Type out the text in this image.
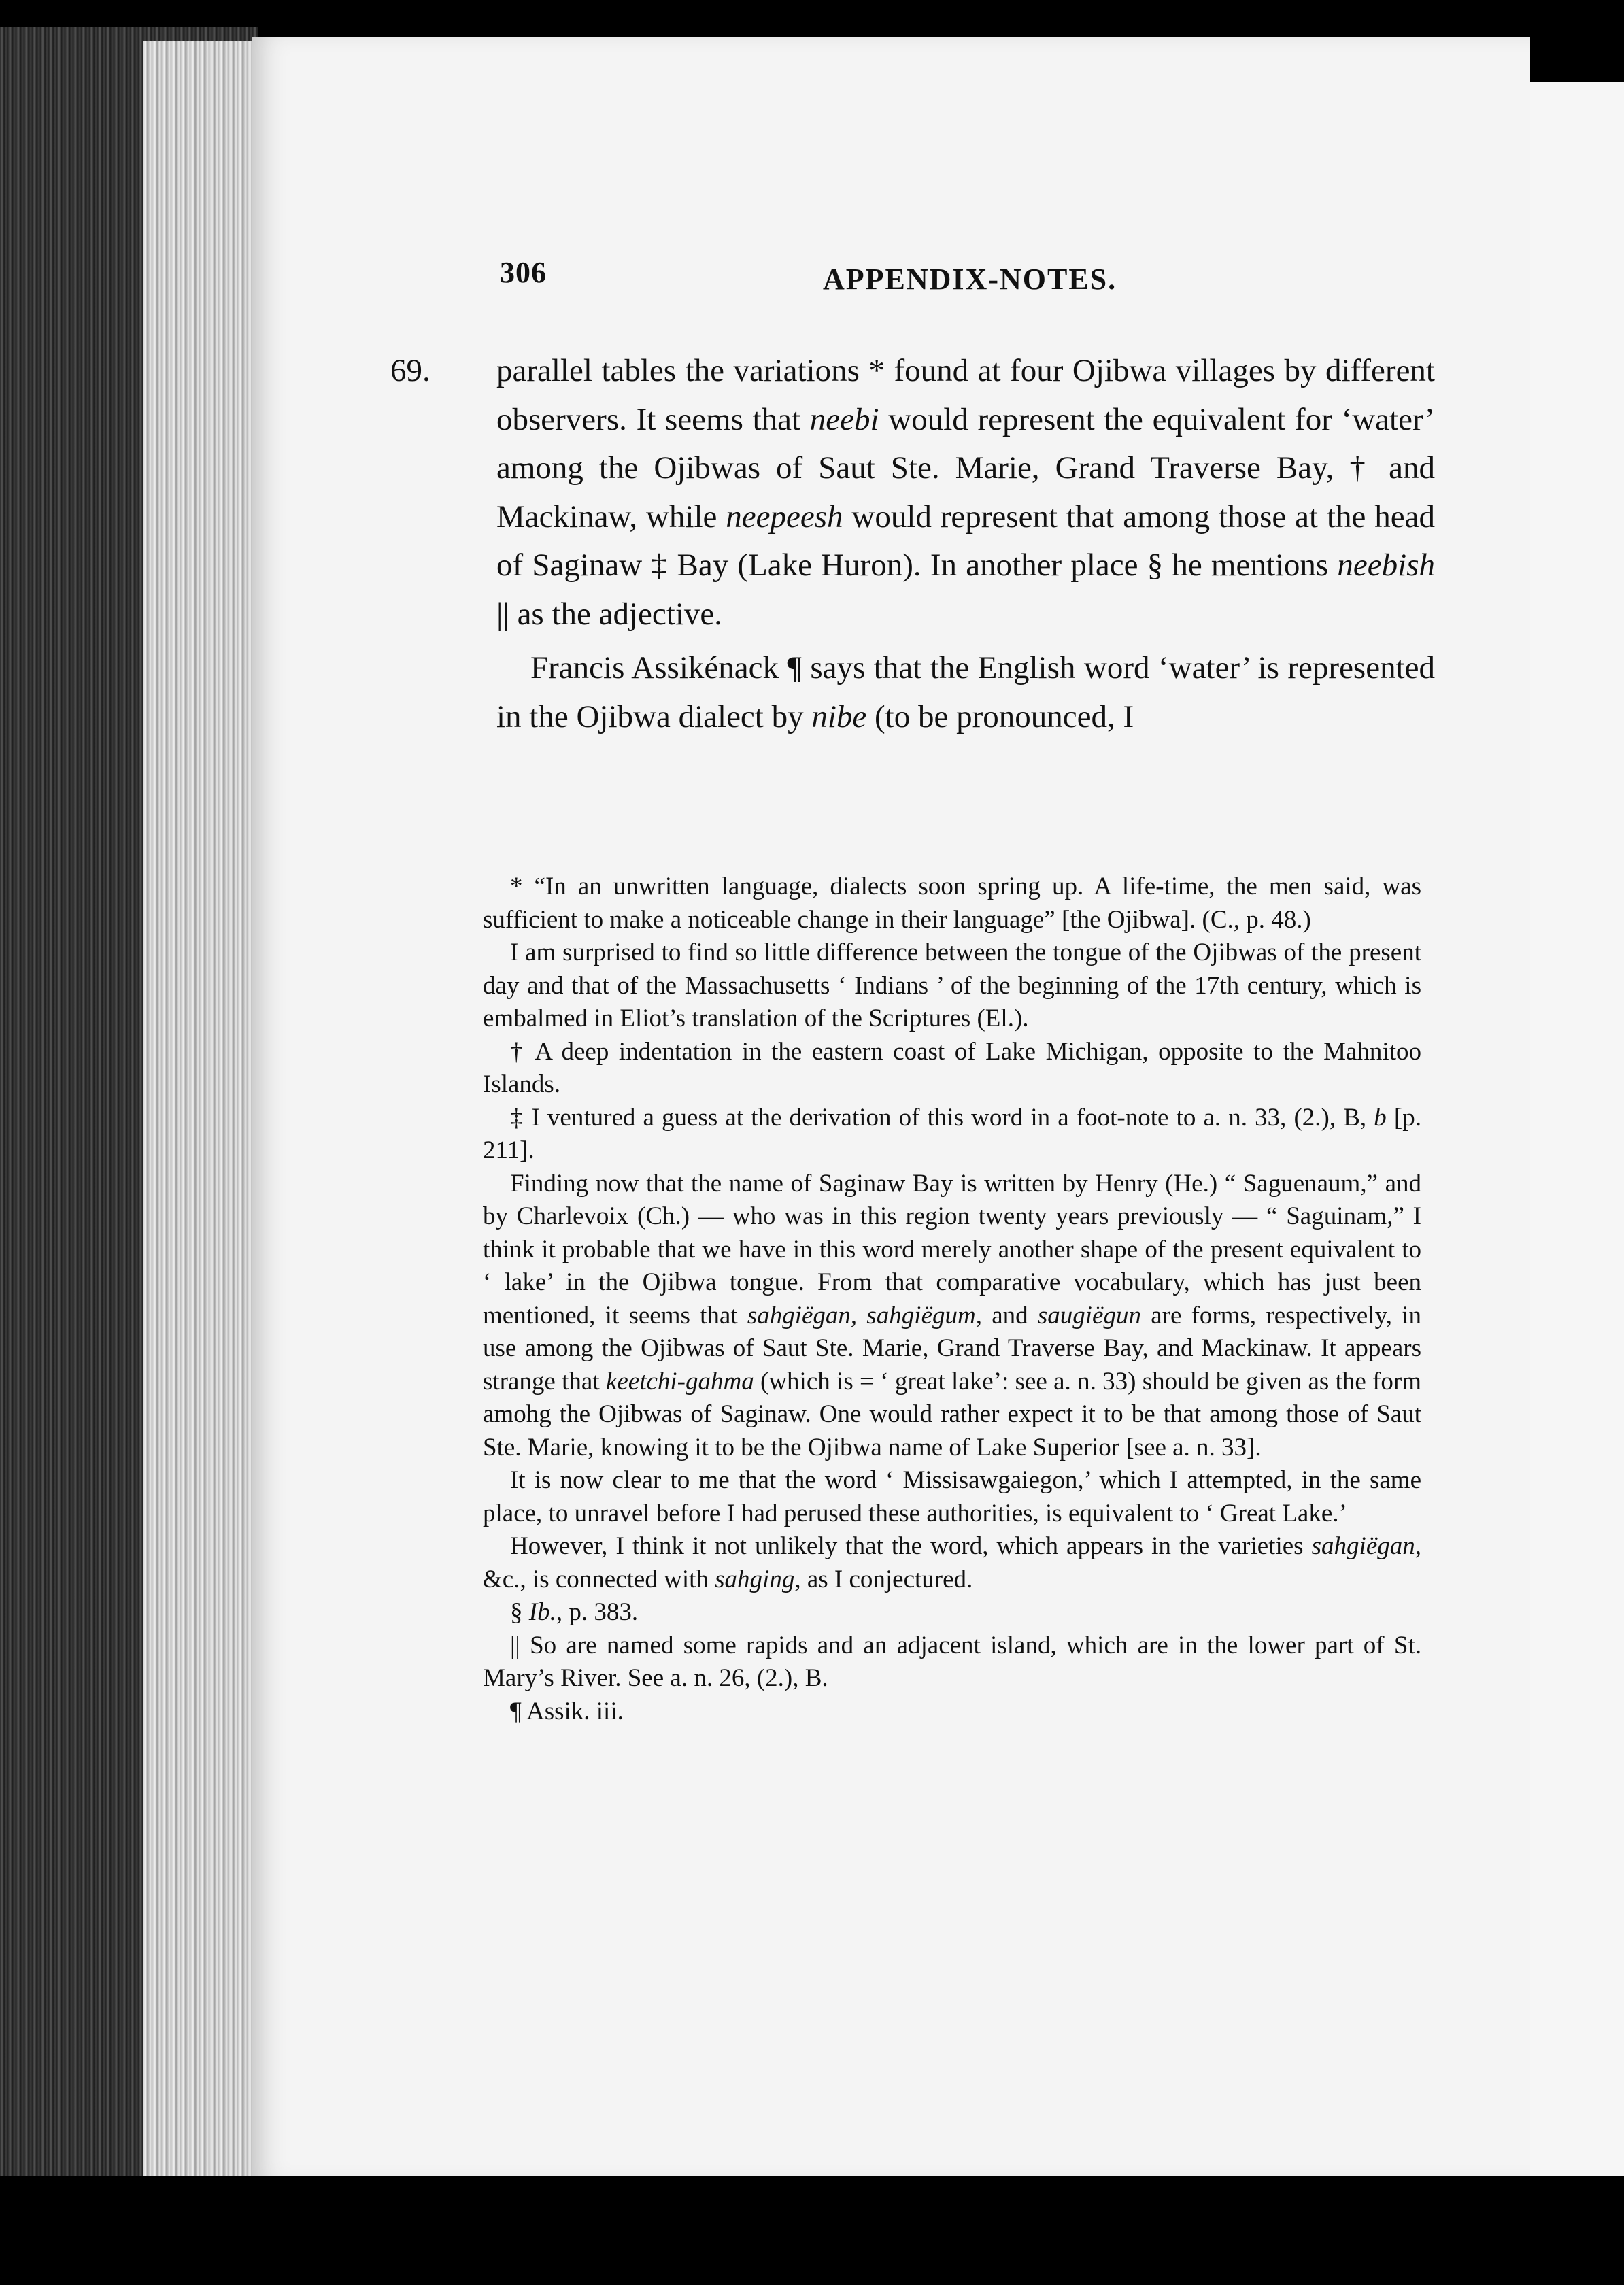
306	APPENDIX-NOTES.

69. parallel tables the variations * found at four Ojibwa villages by different observers. It seems that neebi would represent the equivalent for ‘water’ among the Ojibwas of Saut Ste. Marie, Grand Traverse Bay, † and Mackinaw, while neepeesh would represent that among those at the head of Saginaw ‡ Bay (Lake Huron). In another place § he mentions neebish || as the adjective.

Francis Assikénack ¶ says that the English word ‘water’ is represented in the Ojibwa dialect by nibe (to be pronounced, I

* “In an unwritten language, dialects soon spring up. A life-time, the men said, was sufficient to make a noticeable change in their language” [the Ojibwa]. (C., p. 48.)

I am surprised to find so little difference between the tongue of the Ojibwas of the present day and that of the Massachusetts ‘ Indians ’ of the beginning of the 17th century, which is embalmed in Eliot’s translation of the Scriptures (El.).

† A deep indentation in the eastern coast of Lake Michigan, opposite to the Mahnitoo Islands.

‡ I ventured a guess at the derivation of this word in a foot-note to a. n. 33, (2.), B, b [p. 211].

Finding now that the name of Saginaw Bay is written by Henry (He.) “ Saguenaum,” and by Charlevoix (Ch.) — who was in this region twenty years previously — “ Saguinam,” I think it probable that we have in this word merely another shape of the present equivalent to ‘ lake’ in the Ojibwa tongue. From that comparative vocabulary, which has just been mentioned, it seems that sahgiëgan, sahgiëgum, and saugiëgun are forms, respectively, in use among the Ojibwas of Saut Ste. Marie, Grand Traverse Bay, and Mackinaw. It appears strange that keetchi-gahma (which is = ‘ great lake’: see a. n. 33) should be given as the form amohg the Ojibwas of Saginaw. One would rather expect it to be that among those of Saut Ste. Marie, knowing it to be the Ojibwa name of Lake Superior [see a. n. 33].

It is now clear to me that the word ‘ Missisawgaiegon,’ which I attempted, in the same place, to unravel before I had perused these authorities, is equivalent to ‘ Great Lake.’

However, I think it not unlikely that the word, which appears in the varieties sahgiëgan, &c., is connected with sahging, as I conjectured.

§ Ib., p. 383.

|| So are named some rapids and an adjacent island, which are in the lower part of St. Mary’s River. See a. n. 26, (2.), B.

¶ Assik. iii.
